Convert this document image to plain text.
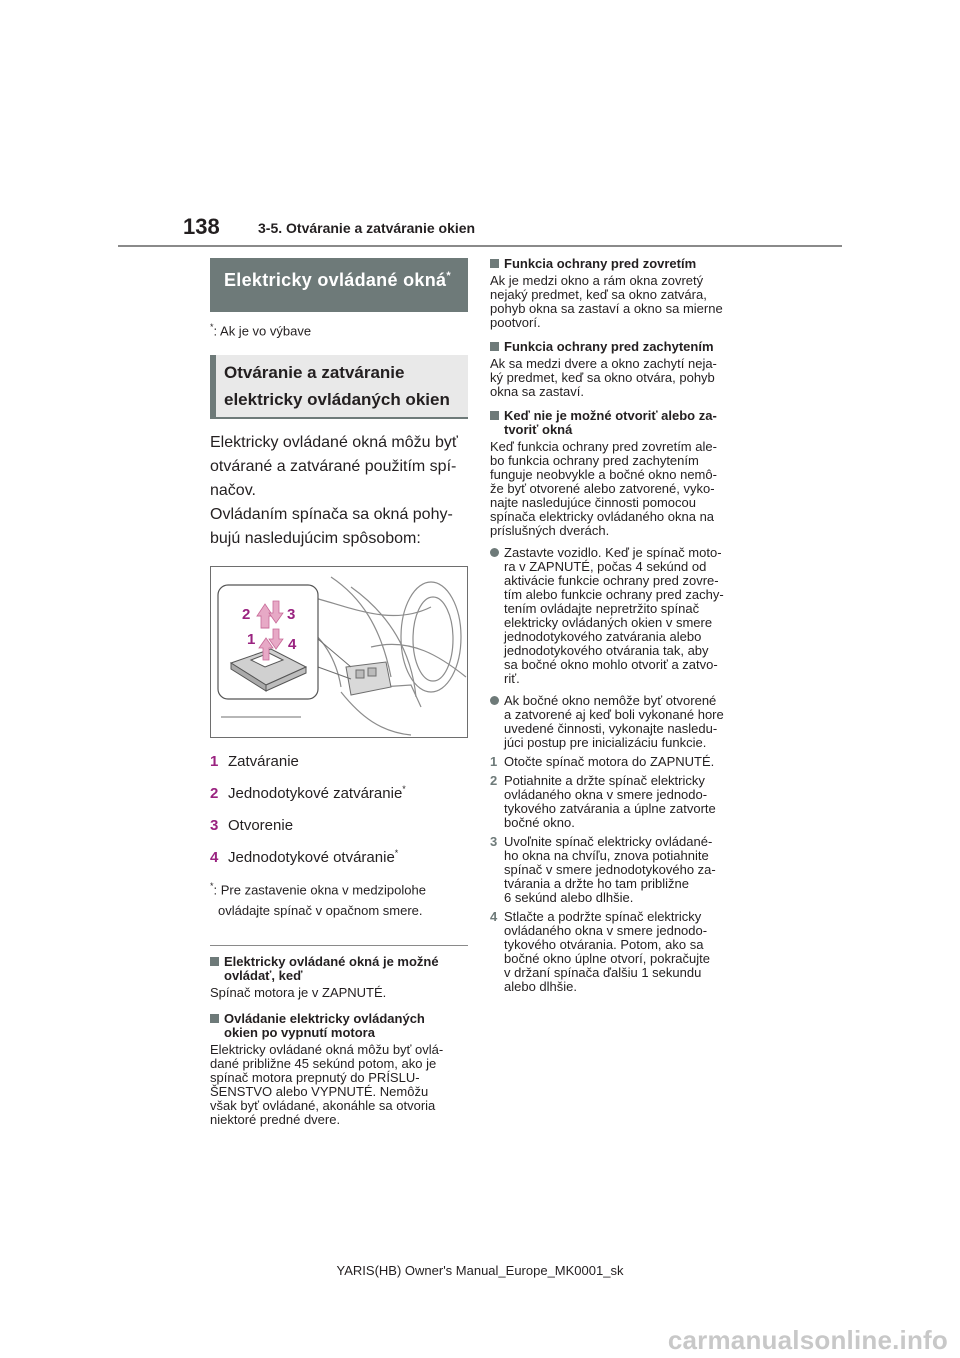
138	3-5. Otváranie a zatváranie okien
Elektricky ovládané okná*
*: Ak je vo výbave
Otváranie a zatváranie elektricky ovládaných okien

Elektricky ovládané okná môžu byť

otvárané a zatvárané použitím spí-

načov.

Ovládaním spínača sa okná pohy-

bujú nasledujúcim spôsobom:

2 3
1 4
1 Zatváranie
2 Jednodotykové zatváranie*
3 Otvorenie
4 Jednodotykové otváranie*
*: Pre zastavenie okna v medzipolohe
ovládajte spínač v opačnom smere.
Elektricky ovládané okná je možné
ovládať, keď
Spínač motora je v ZAPNUTÉ.
Ovládanie elektricky ovládaných
okien po vypnutí motora
Elektricky ovládané okná môžu byť ovlá-
dané približne 45 sekúnd potom, ako je
spínač motora prepnutý do PRÍSLU-
ŠENSTVO alebo VYPNUTÉ. Nemôžu
však byť ovládané, akonáhle sa otvoria
niektoré predné dvere.
Funkcia ochrany pred zovretím
Ak je medzi okno a rám okna zovretý
nejaký predmet, keď sa okno zatvára,
pohyb okna sa zastaví a okno sa mierne
pootvorí.
Funkcia ochrany pred zachytením
Ak sa medzi dvere a okno zachytí neja-
ký predmet, keď sa okno otvára, pohyb
okna sa zastaví.
Keď nie je možné otvoriť alebo za-
tvoriť okná
Keď funkcia ochrany pred zovretím ale-
bo funkcia ochrany pred zachytením
funguje neobvykle a bočné okno nemô-
že byť otvorené alebo zatvorené, vyko-
najte nasledujúce činnosti pomocou
spínača elektricky ovládaného okna na
príslušných dverách.
Zastavte vozidlo. Keď je spínač moto-
ra v ZAPNUTÉ, počas 4 sekúnd od
aktivácie funkcie ochrany pred zovre-
tím alebo funkcie ochrany pred zachy-
tením ovládajte nepretržito spínač
elektricky ovládaných okien v smere
jednodotykového zatvárania alebo
jednodotykového otvárania tak, aby
sa bočné okno mohlo otvoriť a zatvo-
riť.
Ak bočné okno nemôže byť otvorené
a zatvorené aj keď boli vykonané hore
uvedené činnosti, vykonajte nasledu-
júci postup pre inicializáciu funkcie.
1 Otočte spínač motora do ZAPNUTÉ.
2 Potiahnite a držte spínač elektricky
ovládaného okna v smere jednodo-
tykového zatvárania a úplne zatvorte
bočné okno.
3 Uvoľnite spínač elektricky ovládané-
ho okna na chvíľu, znova potiahnite
spínač v smere jednodotykového za-
tvárania a držte ho tam približne
6 sekúnd alebo dlhšie.
4 Stlačte a podržte spínač elektricky
ovládaného okna v smere jednodo-
tykového otvárania. Potom, ako sa
bočné okno úplne otvorí, pokračujte
v držaní spínača ďalšiu 1 sekundu
alebo dlhšie.
YARIS(HB) Owner's Manual_Europe_MK0001_sk
carmanualsonline.info
